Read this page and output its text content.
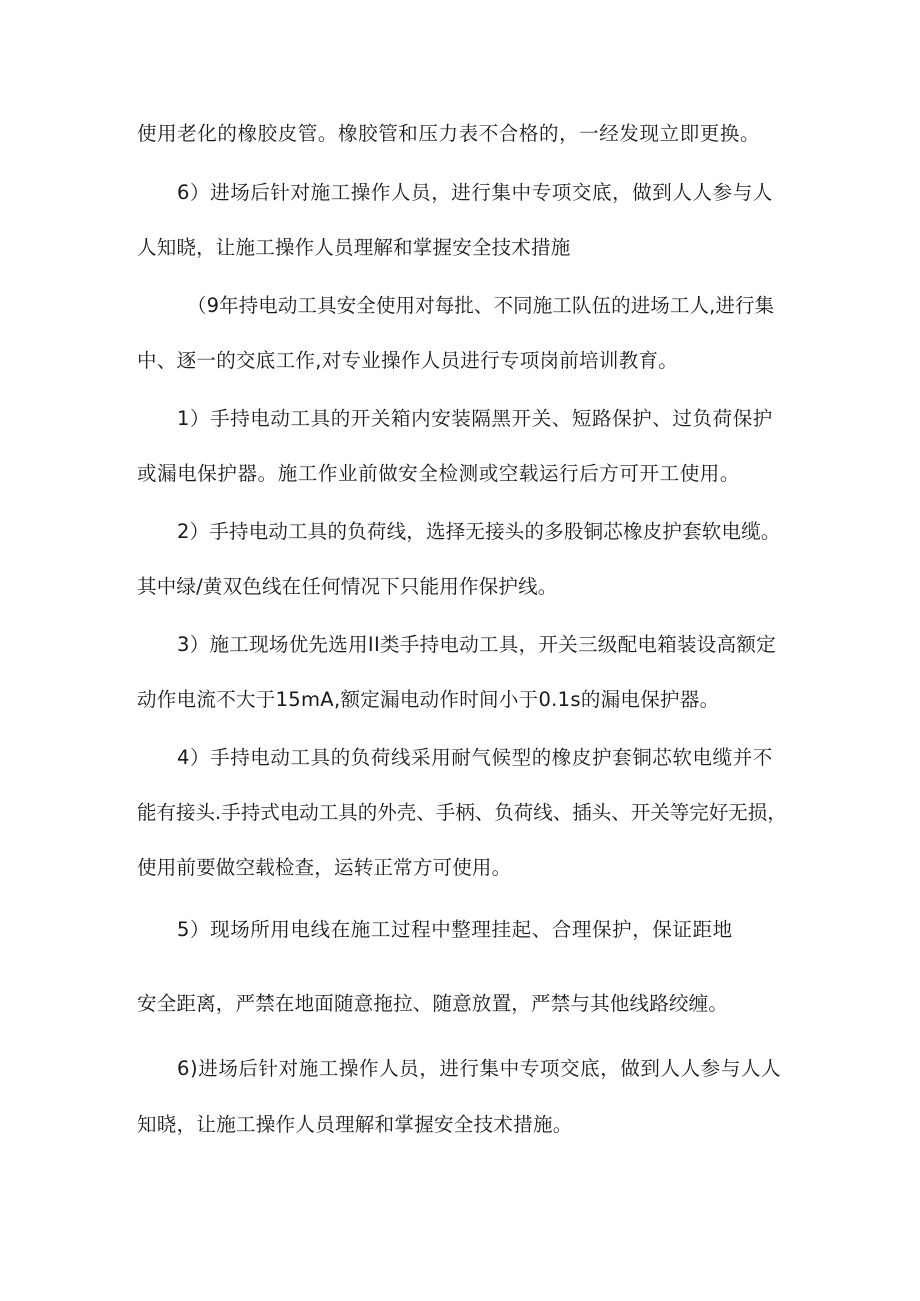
使用老化的橡胶皮管。橡胶管和压力表不合格的，一经发现立即更换。

6）进场后针对施工操作人员，进行集中专项交底，做到人人参与人

人知晓，让施工操作人员理解和掌握安全技术措施

（9年持电动工具安全使用对每批、不同施工队伍的进场工人,进行集

中、逐一的交底工作,对专业操作人员进行专项岗前培训教育。

1）手持电动工具的开关箱内安装隔黑开关、短路保护、过负荷保护

或漏电保护器。施工作业前做安全检测或空载运行后方可开工使用。

2）手持电动工具的负荷线，选择无接头的多股铜芯橡皮护套软电缆。

其中绿/黄双色线在任何情况下只能用作保护线。

3）施工现场优先选用II类手持电动工具，开关三级配电箱装设高额定

动作电流不大于15mA,额定漏电动作时间小于0.1s的漏电保护器。

4）手持电动工具的负荷线采用耐气候型的橡皮护套铜芯软电缆并不

能有接头.手持式电动工具的外壳、手柄、负荷线、插头、开关等完好无损，

使用前要做空载检查，运转正常方可使用。

5）现场所用电线在施工过程中整理挂起、合理保护，保证距地

安全距离，严禁在地面随意拖拉、随意放置，严禁与其他线路绞缠。

6)进场后针对施工操作人员，进行集中专项交底，做到人人参与人人

知晓，让施工操作人员理解和掌握安全技术措施。
